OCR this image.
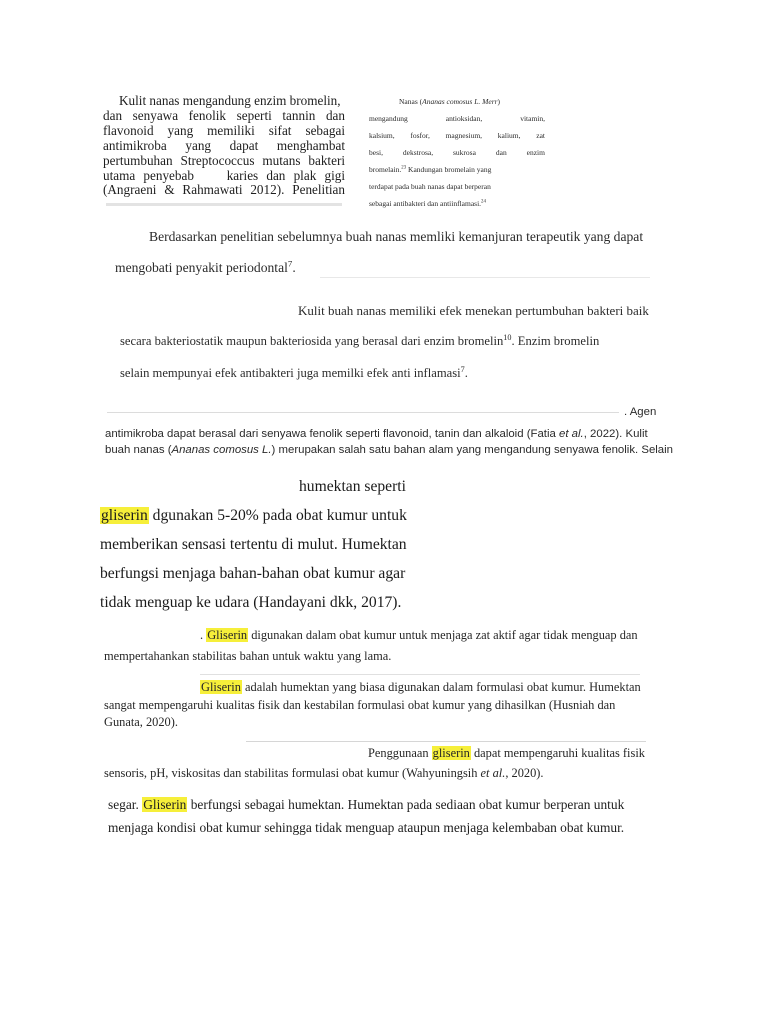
Kulit nanas mengandung enzim bromelin,
dan senyawa fenolik seperti tannin dan
flavonoid yang memiliki sifat sebagai
antimikroba yang dapat menghambat
pertumbuhan Streptococcus mutans bakteri
utama penyebab    karies dan plak gigi
(Angraeni & Rahmawati 2012). Penelitian
Nanas (Ananas comosus L. Merr)
mengandung	antioksidan,	vitamin,
kalsium, fosfor, magnesium, kalium, zat
besi,	dekstrosa,	sukrosa	dan	enzim
bromelain.$^{23}$ Kandungan bromelain yang
terdapat pada buah nanas dapat berperan
sebagai antibakteri dan antiinflamasi.$^{24}$
Berdasarkan penelitian sebelumnya buah nanas memliki kemanjuran terapeutik yang dapat
mengobati penyakit periodontal$^7$.
Kulit buah nanas memiliki efek menekan pertumbuhan bakteri baik
secara bakteriostatik maupun bakteriosida yang berasal dari enzim bromelin$^{10}$. Enzim bromelin
selain mempunyai efek antibakteri juga memilki efek anti inflamasi$^7$.
. Agen
antimikroba dapat berasal dari senyawa fenolik seperti flavonoid, tanin dan alkaloid (Fatia et al., 2022). Kulit
buah nanas (Ananas comosus L.) merupakan salah satu bahan alam yang mengandung senyawa fenolik. Selain
humektan seperti
gliserin dgunakan 5-20% pada obat kumur untuk
memberikan sensasi tertentu di mulut. Humektan
berfungsi menjaga bahan-bahan obat kumur agar
tidak menguap ke udara (Handayani dkk, 2017).
. Gliserin digunakan dalam obat kumur untuk menjaga zat aktif agar tidak menguap dan
mempertahankan stabilitas bahan untuk waktu yang lama.
Gliserin adalah humektan yang biasa digunakan dalam formulasi obat kumur. Humektan
sangat mempengaruhi kualitas fisik dan kestabilan formulasi obat kumur yang dihasilkan (Husniah dan
Gunata, 2020).
Penggunaan gliserin dapat mempengaruhi kualitas fisik
sensoris, pH, viskositas dan stabilitas formulasi obat kumur (Wahyuningsih et al., 2020).
segar. Gliserin berfungsi sebagai humektan. Humektan pada sediaan obat kumur berperan untuk
menjaga kondisi obat kumur sehingga tidak menguap ataupun menjaga kelembaban obat kumur.
